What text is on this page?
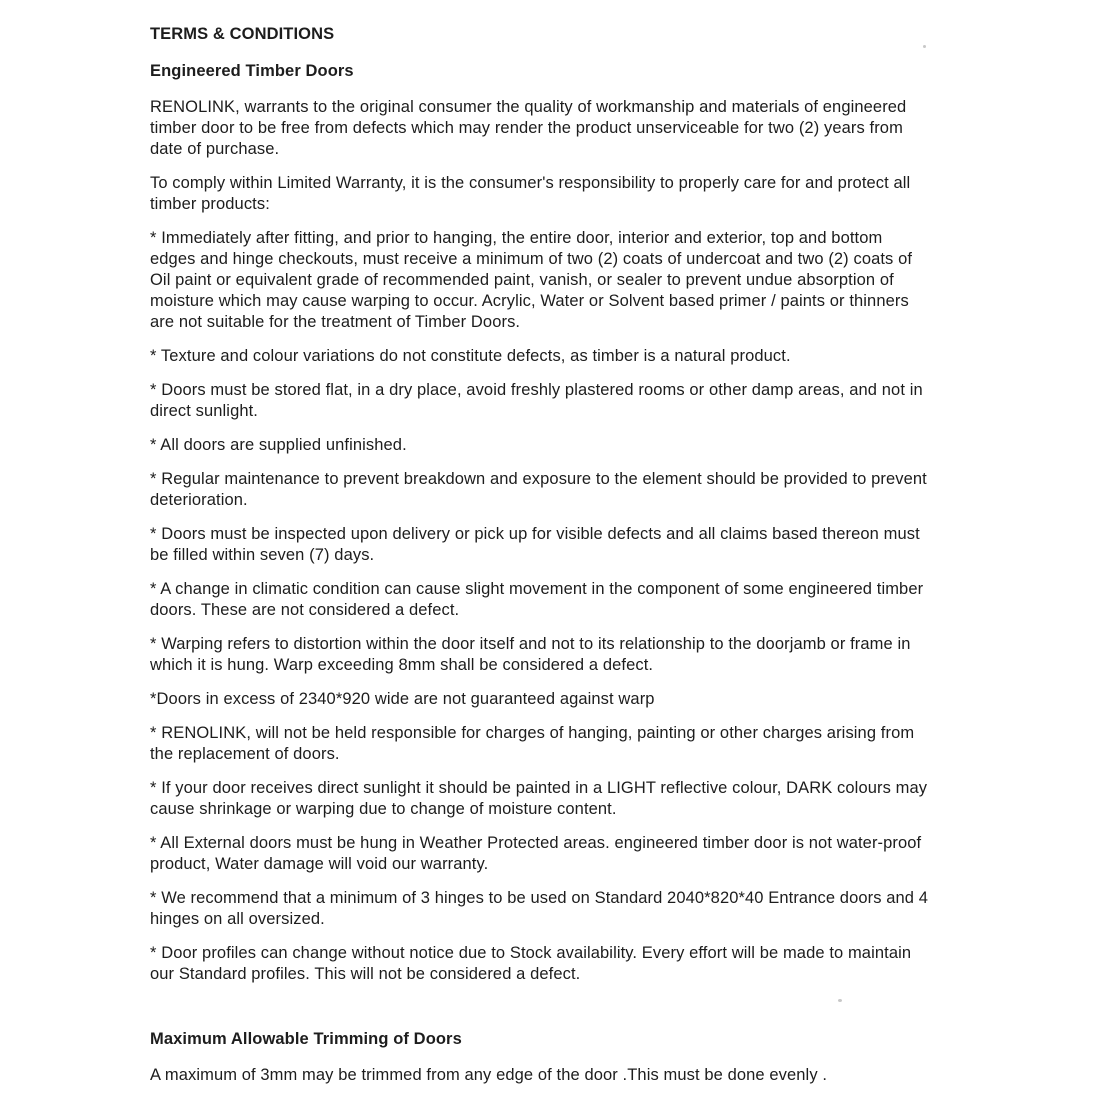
TERMS & CONDITIONS
Engineered Timber Doors

RENOLINK, warrants to the original consumer the quality of workmanship and materials of engineered timber door to be free from defects which may render the product unserviceable for two (2) years from date of purchase.

To comply within Limited Warranty, it is the consumer's responsibility to properly care for and protect all timber products:

* Immediately after fitting, and prior to hanging, the entire door, interior and exterior, top and bottom edges and hinge checkouts, must receive a minimum of two (2) coats of undercoat and two (2) coats of Oil paint or equivalent grade of recommended paint, vanish, or sealer to prevent undue absorption of moisture which may cause warping to occur. Acrylic, Water or Solvent based primer / paints or thinners are not suitable for the treatment of Timber Doors.

* Texture and colour variations do not constitute defects, as timber is a natural product.

* Doors must be stored flat, in a dry place, avoid freshly plastered rooms or other damp areas, and not in direct sunlight.

* All doors are supplied unfinished.

* Regular maintenance to prevent breakdown and exposure to the element should be provided to prevent deterioration.

* Doors must be inspected upon delivery or pick up for visible defects and all claims based thereon must be filled within seven (7) days.

* A change in climatic condition can cause slight movement in the component of some engineered timber doors. These are not considered a defect.

* Warping refers to distortion within the door itself and not to its relationship to the doorjamb or frame in which it is hung. Warp exceeding 8mm shall be considered a defect.

*Doors in excess of 2340*920 wide are not guaranteed against warp

* RENOLINK, will not be held responsible for charges of hanging, painting or other charges arising from the replacement of doors.

* If your door receives direct sunlight it should be painted in a LIGHT reflective colour, DARK colours may cause shrinkage or warping due to change of moisture content.

* All External doors must be hung in Weather Protected areas. engineered timber door is not water-proof product, Water damage will void our warranty.

* We recommend that a minimum of 3 hinges to be used on Standard 2040*820*40 Entrance doors and 4 hinges on all oversized.

* Door profiles can change without notice due to Stock availability. Every effort will be made to maintain our Standard profiles. This will not be considered a defect.

Maximum Allowable Trimming of Doors

A maximum of 3mm may be trimmed from any edge of the door .This must be done evenly .
